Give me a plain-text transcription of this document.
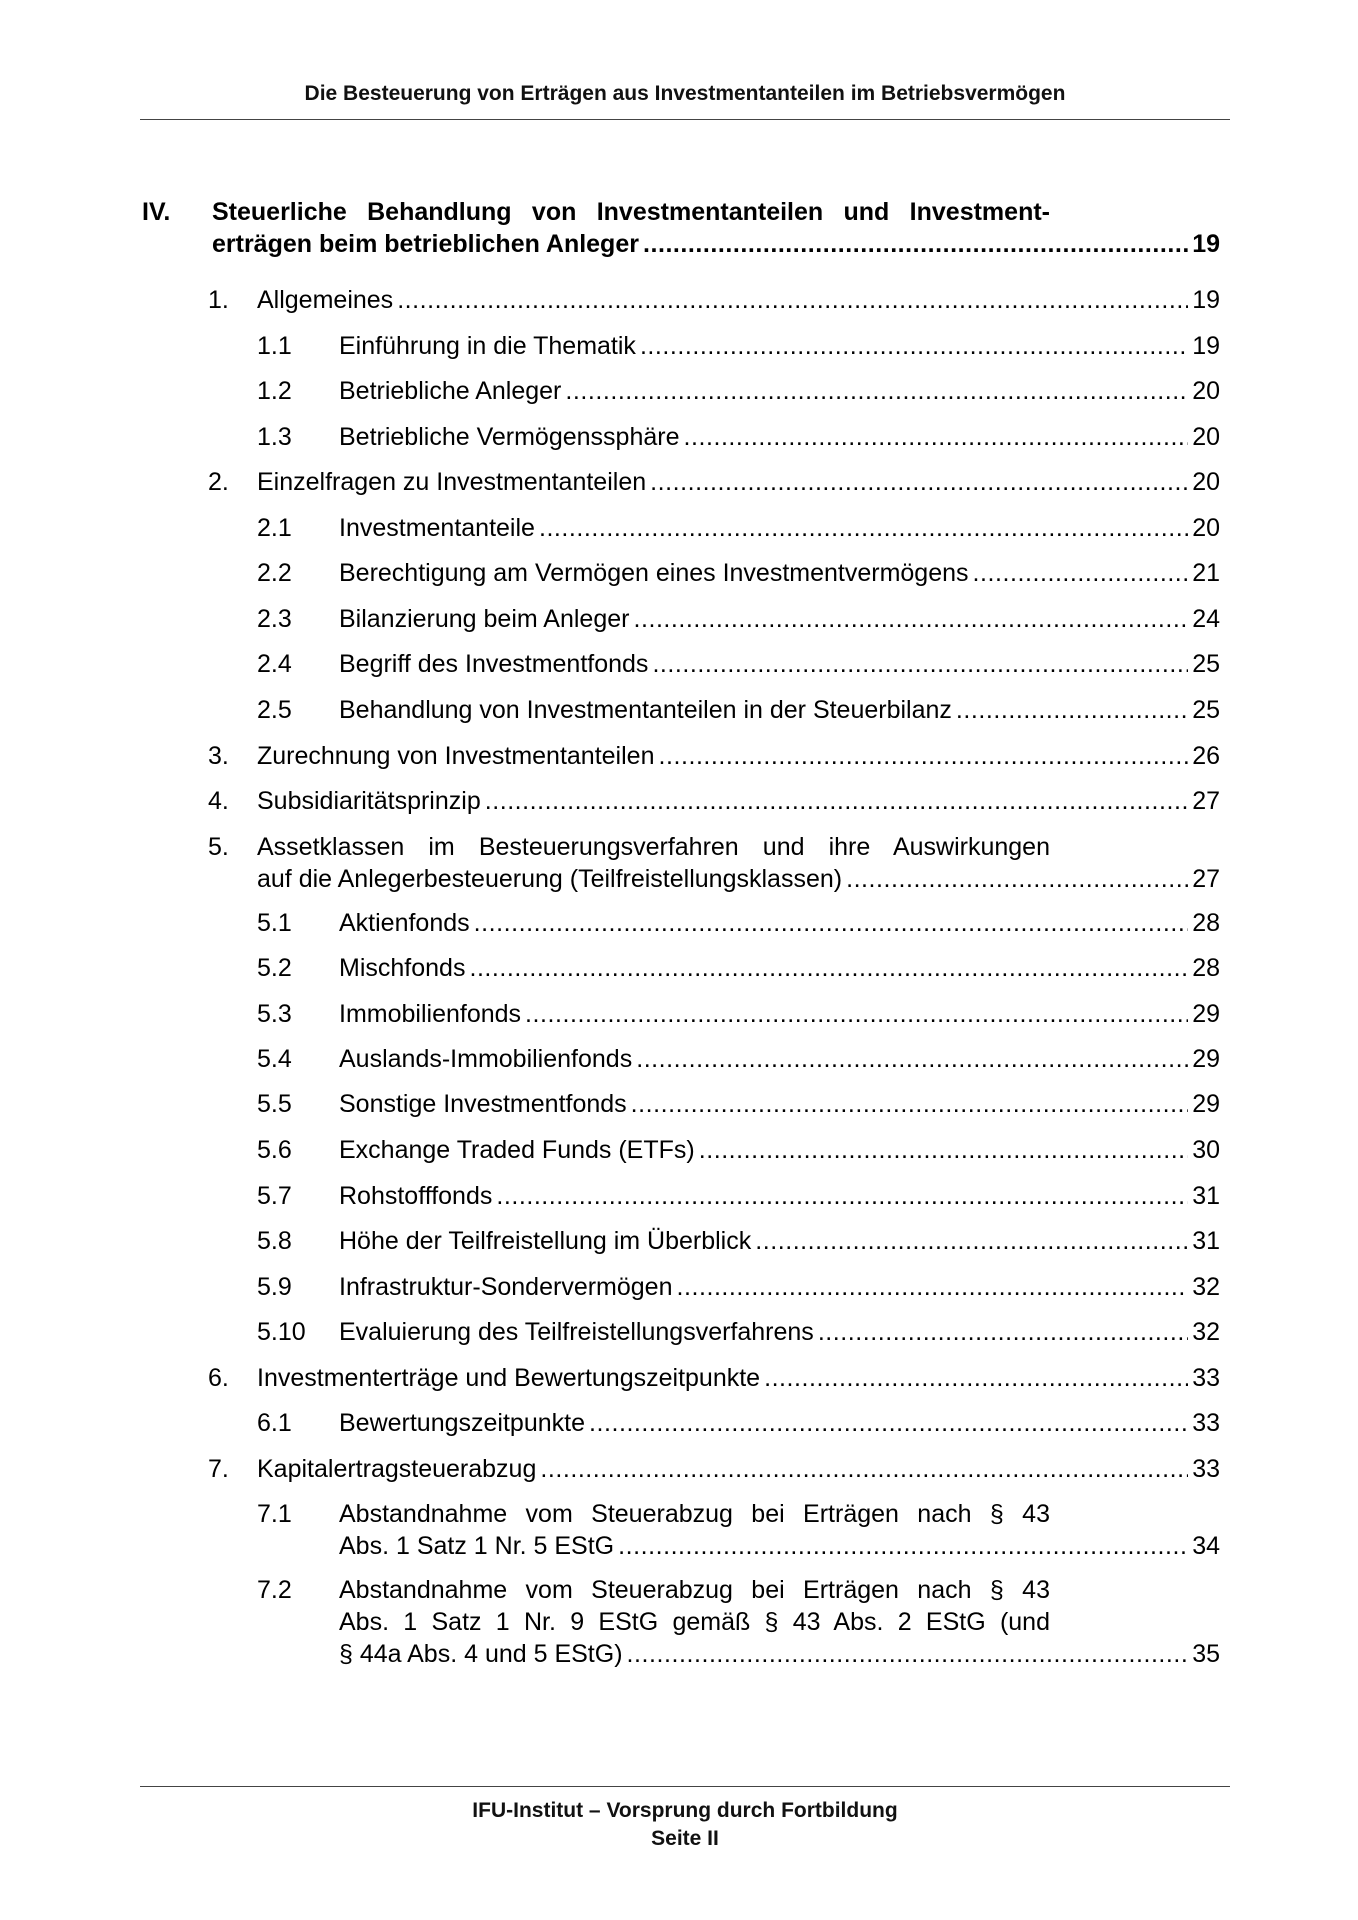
Die Besteuerung von Erträgen aus Investmentanteilen im Betriebsvermögen
IV. Steuerliche Behandlung von Investmentanteilen und Investment-
erträgen beim betrieblichen Anleger . . .	19
1. Allgemeines . . .	19
1.1 Einführung in die Thematik . . .	19
1.2 Betriebliche Anleger . . .	20
1.3 Betriebliche Vermögenssphäre . . .	20
2. Einzelfragen zu Investmentanteilen . . .	20
2.1 Investmentanteile . . .	20
2.2 Berechtigung am Vermögen eines Investmentvermögens . . .	21
2.3 Bilanzierung beim Anleger . . .	24
2.4 Begriff des Investmentfonds . . .	25
2.5 Behandlung von Investmentanteilen in der Steuerbilanz . . .	25
3. Zurechnung von Investmentanteilen . . .	26
4. Subsidiaritätsprinzip . . .	27
5. Assetklassen im Besteuerungsverfahren und ihre Auswirkungen
auf die Anlegerbesteuerung (Teilfreistellungsklassen) . . .	27
5.1 Aktienfonds . . .	28
5.2 Mischfonds . . .	28
5.3 Immobilienfonds . . .	29
5.4 Auslands-Immobilienfonds . . .	29
5.5 Sonstige Investmentfonds . . .	29
5.6 Exchange Traded Funds (ETFs) . . .	30
5.7 Rohstofffonds . . .	31
5.8 Höhe der Teilfreistellung im Überblick . . .	31
5.9 Infrastruktur-Sondervermögen . . .	32
5.10 Evaluierung des Teilfreistellungsverfahrens . . .	32
6. Investmenterträge und Bewertungszeitpunkte . . .	33
6.1 Bewertungszeitpunkte . . .	33
7. Kapitalertragsteuerabzug . . .	33
7.1 Abstandnahme vom Steuerabzug bei Erträgen nach § 43
Abs. 1 Satz 1 Nr. 5 EStG . . .	34
7.2 Abstandnahme vom Steuerabzug bei Erträgen nach § 43
Abs. 1 Satz 1 Nr. 9 EStG gemäß § 43 Abs. 2 EStG (und
§ 44a Abs. 4 und 5 EStG) . . .	35
IFU-Institut – Vorsprung durch Fortbildung
Seite II
